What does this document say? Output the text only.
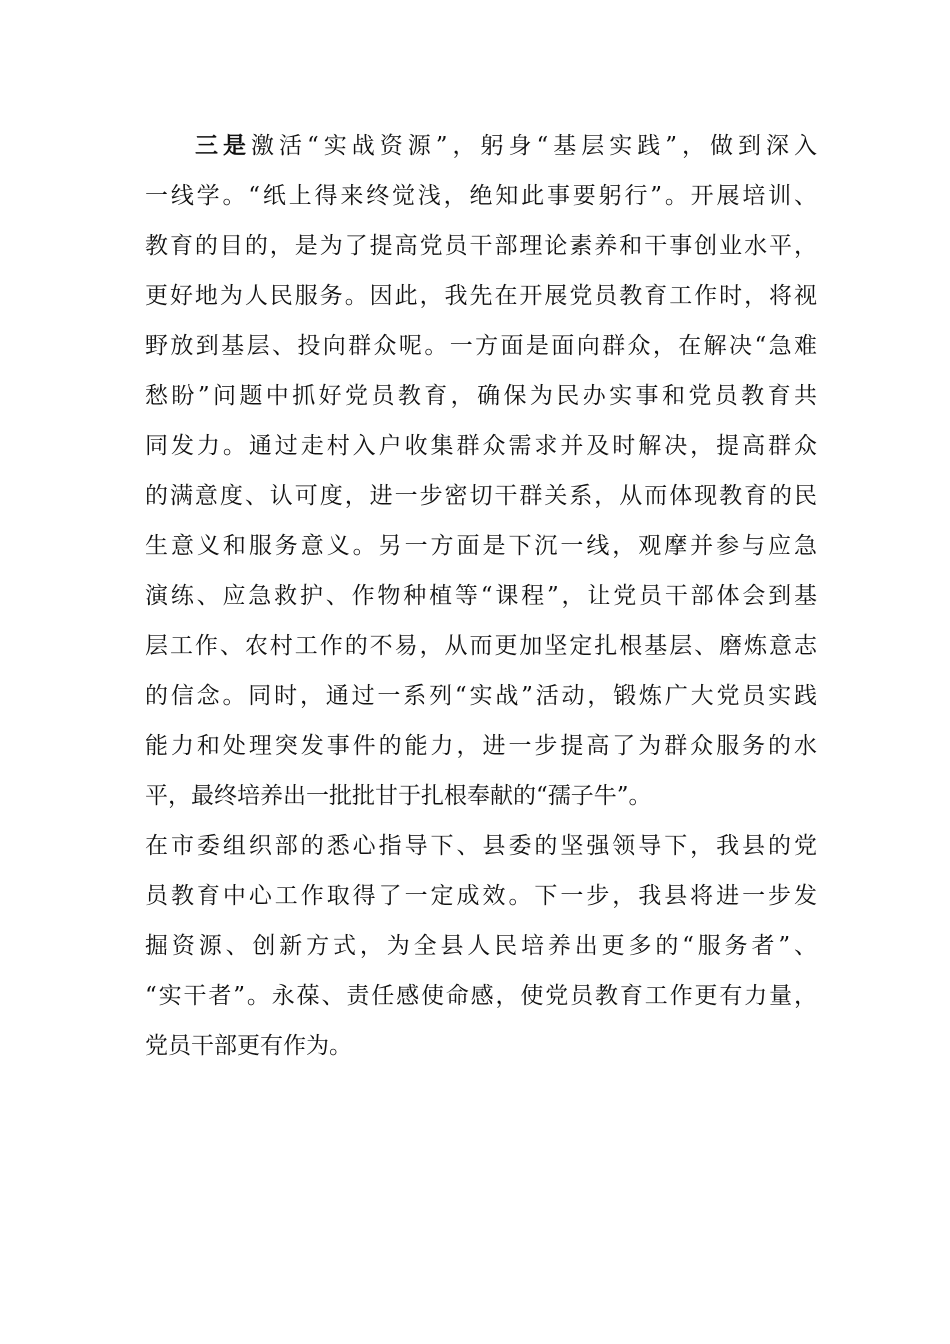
三是激活“实战资源”，躬身“基层实践”，做到深入
一线学。“纸上得来终觉浅，绝知此事要躬行”。开展培训、
教育的目的，是为了提高党员干部理论素养和干事创业水平，
更好地为人民服务。因此，我先在开展党员教育工作时，将视
野放到基层、投向群众呢。一方面是面向群众，在解决“急难
愁盼”问题中抓好党员教育，确保为民办实事和党员教育共
同发力。通过走村入户收集群众需求并及时解决，提高群众
的满意度、认可度，进一步密切干群关系，从而体现教育的民
生意义和服务意义。另一方面是下沉一线，观摩并参与应急
演练、应急救护、作物种植等“课程”，让党员干部体会到基
层工作、农村工作的不易，从而更加坚定扎根基层、磨炼意志
的信念。同时，通过一系列“实战”活动，锻炼广大党员实践
能力和处理突发事件的能力，进一步提高了为群众服务的水
平，最终培养出一批批甘于扎根奉献的“孺子牛”。
在市委组织部的悉心指导下、县委的坚强领导下，我县的党
员教育中心工作取得了一定成效。下一步，我县将进一步发
掘资源、创新方式，为全县人民培养出更多的“服务者”、
“实干者”。永葆、责任感使命感，使党员教育工作更有力量，
党员干部更有作为。
